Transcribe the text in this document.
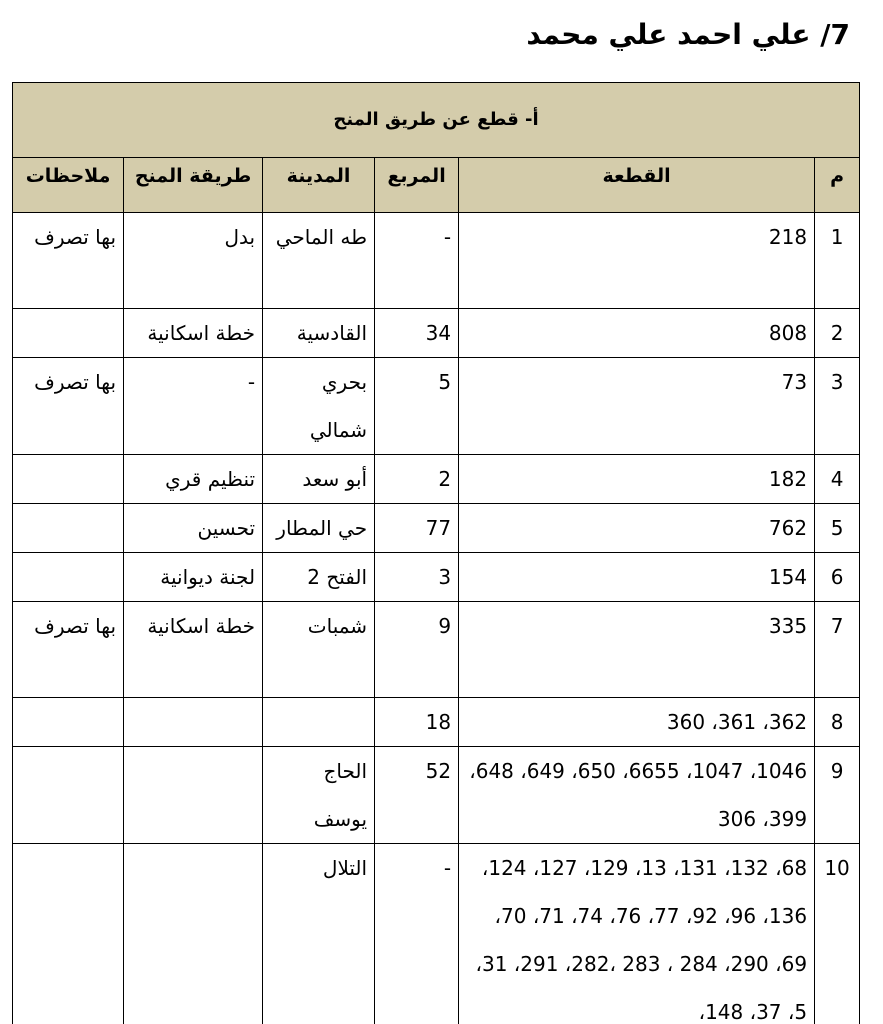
7/ علي احمد علي محمد
أ- قطع عن طريق المنح					
م	القطعة	المربع	المدينة	طريقة المنح	ملاحظات
1	218	-	طه الماحي	بدل	بها تصرف
2	808	34	القادسية	خطة اسكانية	
3	73	5	بحري شمالي	-	بها تصرف
4	182	2	أبو سعد	تنظيم قري	
5	762	77	حي المطار	تحسين	
6	154	3	الفتح 2	لجنة ديوانية	
7	335	9	شمبات	خطة اسكانية	بها تصرف
8	362، 361، 360	18			
9	1046، 1047، 6655، 650، 649، 648، 399، 306	52	الحاج يوسف		
10	68، 132، 131، 13، 129، 127، 124، 136، 96، 92، 77، 76، 74، 71، 70، 69، 290، 284 ، 283 ،282، 291، 31، 5، 37، 148،	-	التلال		
